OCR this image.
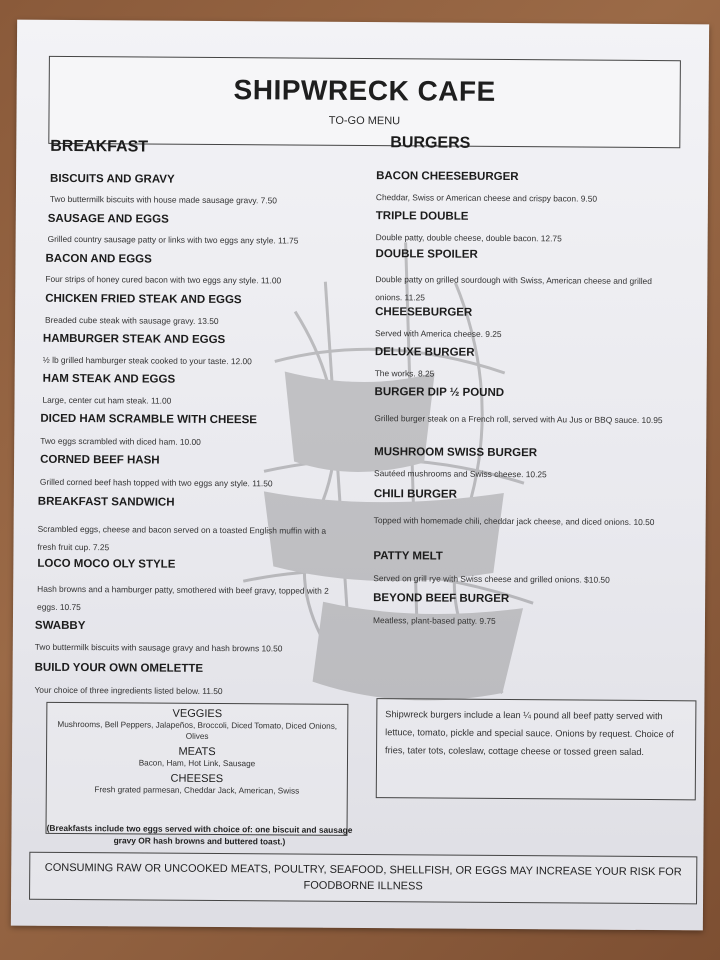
SHIPWRECK CAFE
TO-GO MENU
BREAKFAST
BISCUITS AND GRAVY
Two buttermilk biscuits with house made sausage gravy. 7.50
SAUSAGE AND EGGS
Grilled country sausage patty or links with two eggs any style. 11.75
BACON AND EGGS
Four strips of honey cured bacon with two eggs any style. 11.00
CHICKEN FRIED STEAK AND EGGS
Breaded cube steak with sausage gravy. 13.50
HAMBURGER STEAK AND EGGS
½ lb grilled hamburger steak cooked to your taste. 12.00
HAM STEAK AND EGGS
Large, center cut ham steak. 11.00
DICED HAM SCRAMBLE WITH CHEESE
Two eggs scrambled with diced ham. 10.00
CORNED BEEF HASH
Grilled corned beef hash topped with two eggs any style. 11.50
BREAKFAST SANDWICH
Scrambled eggs, cheese and bacon served on a toasted English muffin with a fresh fruit cup. 7.25
LOCO MOCO OLY STYLE
Hash browns and a hamburger patty, smothered with beef gravy, topped with 2 eggs. 10.75
SWABBY
Two buttermilk biscuits with sausage gravy and hash browns 10.50
BUILD YOUR OWN OMELETTE
Your choice of three ingredients listed below. 11.50
VEGGIES
Mushrooms, Bell Peppers, Jalapeños, Broccoli, Diced Tomato, Diced Onions, Olives
MEATS
Bacon, Ham, Hot Link, Sausage
CHEESES
Fresh grated parmesan, Cheddar Jack, American, Swiss
(Breakfasts include two eggs served with choice of: one biscuit and sausage gravy OR hash browns and buttered toast.)
BURGERS
BACON CHEESEBURGER
Cheddar, Swiss or American cheese and crispy bacon. 9.50
TRIPLE DOUBLE
Double patty, double cheese, double bacon. 12.75
DOUBLE SPOILER
Double patty on grilled sourdough with Swiss, American cheese and grilled onions. 11.25
CHEESEBURGER
Served with America cheese. 9.25
DELUXE BURGER
The works. 8.25
BURGER DIP ½ POUND
Grilled burger steak on a French roll, served with Au Jus or BBQ sauce. 10.95
MUSHROOM SWISS BURGER
Sautéed mushrooms and Swiss cheese. 10.25
CHILI BURGER
Topped with homemade chili, cheddar jack cheese, and diced onions. 10.50
PATTY MELT
Served on grill rye with Swiss cheese and grilled onions. $10.50
BEYOND BEEF BURGER
Meatless, plant-based patty. 9.75
Shipwreck burgers include a lean ¼ pound all beef patty served with lettuce, tomato, pickle and special sauce. Onions by request. Choice of fries, tater tots, coleslaw, cottage cheese or tossed green salad.
CONSUMING RAW OR UNCOOKED MEATS, POULTRY, SEAFOOD, SHELLFISH, OR EGGS MAY INCREASE YOUR RISK FOR FOODBORNE ILLNESS
